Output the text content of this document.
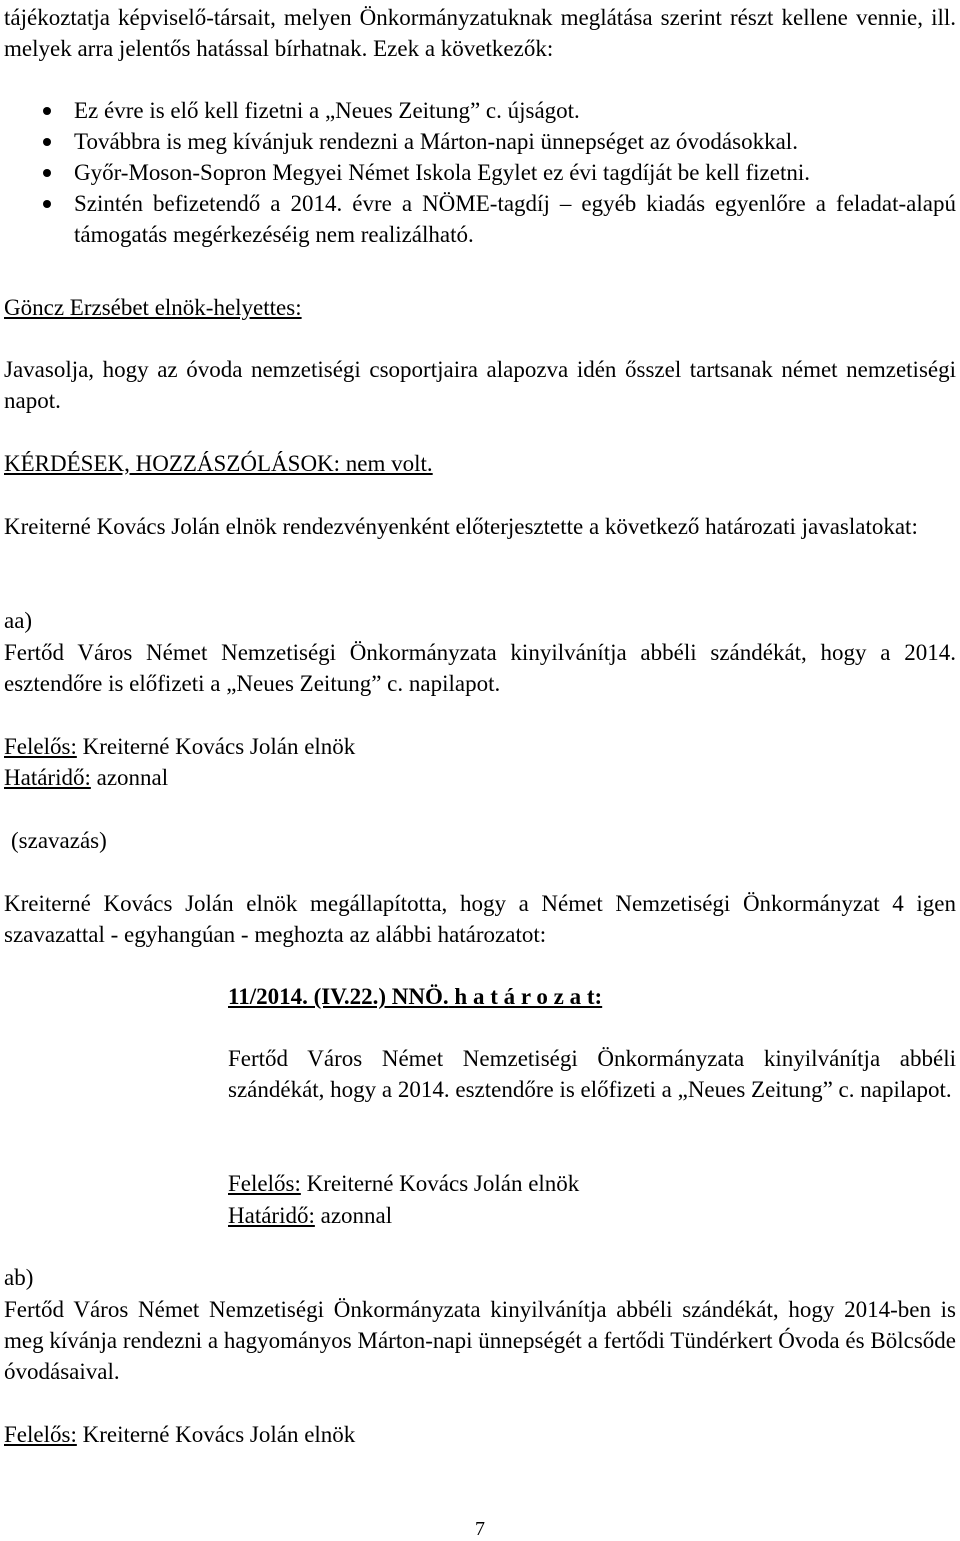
tájékoztatja képviselő-társait, melyen Önkormányzatuknak meglátása szerint részt kellene vennie, ill. melyek arra jelentős hatással bírhatnak. Ezek a következők:
Ez évre is elő kell fizetni a „Neues Zeitung” c. újságot.
Továbbra is meg kívánjuk rendezni a Márton-napi ünnepséget az óvodásokkal.
Győr-Moson-Sopron Megyei Német Iskola Egylet ez évi tagdíját be kell fizetni.
Szintén befizetendő a 2014. évre a NÖME-tagdíj – egyéb kiadás egyenlőre a feladat-alapú támogatás megérkezéséig nem realizálható.
Göncz Erzsébet elnök-helyettes:
Javasolja, hogy az óvoda nemzetiségi csoportjaira alapozva idén ősszel tartsanak német nemzetiségi napot.
KÉRDÉSEK, HOZZÁSZÓLÁSOK: nem volt.
Kreiterné Kovács Jolán elnök rendezvényenként előterjesztette a következő határozati javaslatokat:
aa)
Fertőd Város Német Nemzetiségi Önkormányzata kinyilvánítja abbéli szándékát, hogy a 2014. esztendőre is előfizeti a „Neues Zeitung” c. napilapot.
Felelős: Kreiterné Kovács Jolán elnök
Határidő: azonnal
(szavazás)
Kreiterné Kovács Jolán elnök megállapította, hogy a Német Nemzetiségi Önkormányzat 4 igen szavazattal - egyhangúan - meghozta az alábbi határozatot:
11/2014. (IV.22.) NNÖ. h a t á r o z a t:
Fertőd Város Német Nemzetiségi Önkormányzata kinyilvánítja abbéli szándékát, hogy a 2014. esztendőre is előfizeti a „Neues Zeitung” c. napilapot.
Felelős: Kreiterné Kovács Jolán elnök
Határidő: azonnal
ab)
Fertőd Város Német Nemzetiségi Önkormányzata kinyilvánítja abbéli szándékát, hogy 2014-ben is meg kívánja rendezni a hagyományos Márton-napi ünnepségét a fertődi Tündérkert Óvoda és Bölcsőde óvodásaival.
Felelős: Kreiterné Kovács Jolán elnök
7
